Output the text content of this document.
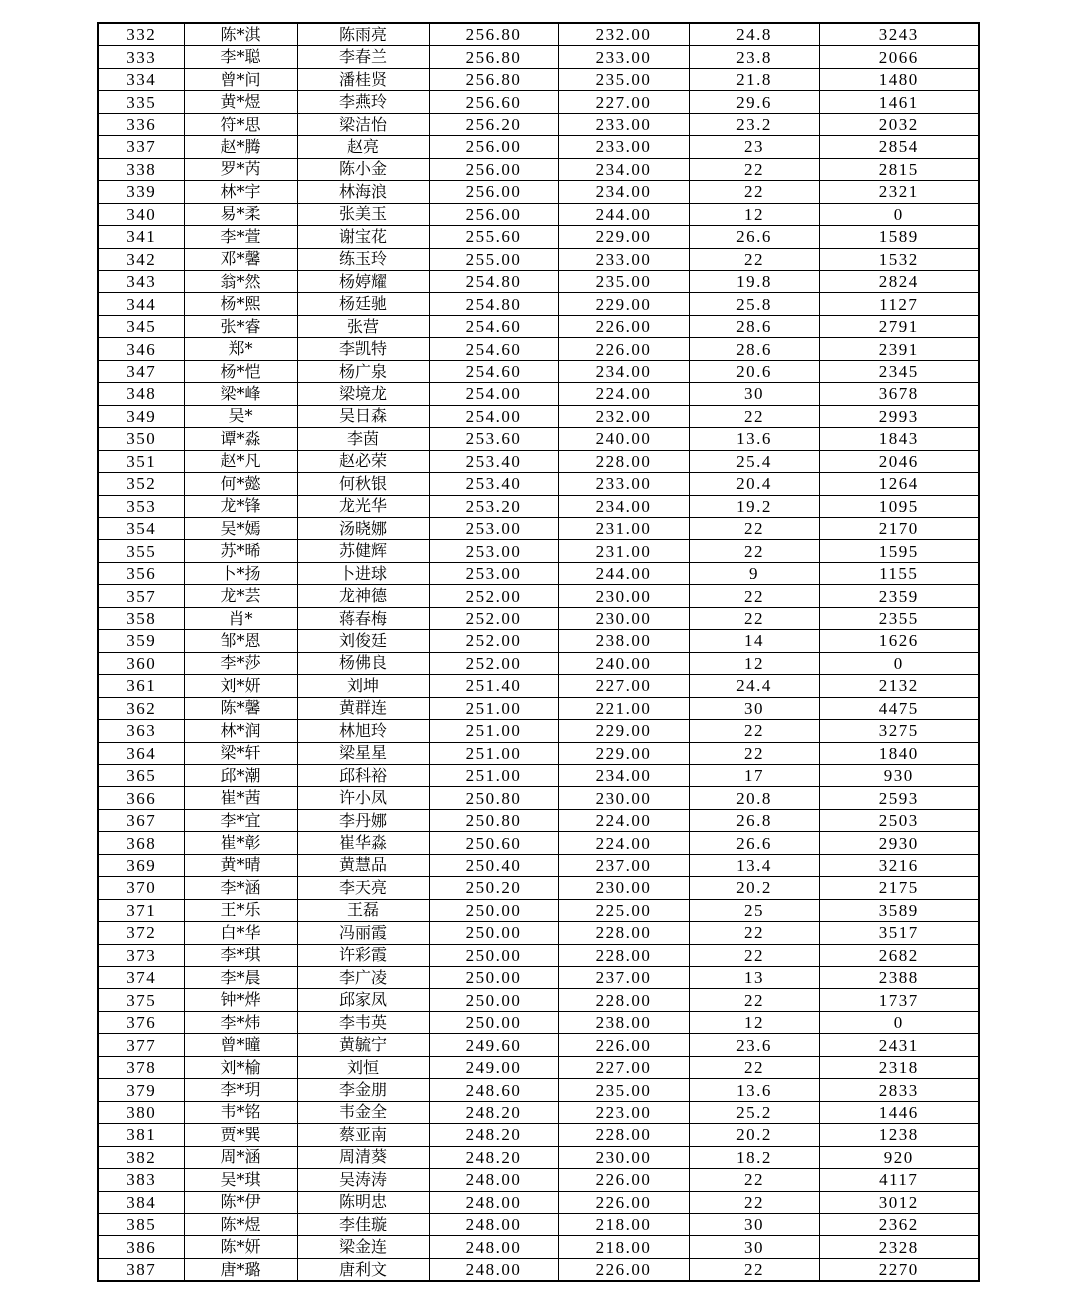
332	陈*淇	陈雨亮	256.80	232.00	24.8	3243
333	李*聪	李春兰	256.80	233.00	23.8	2066
334	曾*问	潘桂贤	256.80	235.00	21.8	1480
335	黄*煜	李燕玲	256.60	227.00	29.6	1461
336	符*思	梁洁怡	256.20	233.00	23.2	2032
337	赵*腾	赵亮	256.00	233.00	23	2854
338	罗*芮	陈小金	256.00	234.00	22	2815
339	林*宇	林海浪	256.00	234.00	22	2321
340	易*柔	张美玉	256.00	244.00	12	0
341	李*萱	谢宝花	255.60	229.00	26.6	1589
342	邓*馨	练玉玲	255.00	233.00	22	1532
343	翁*然	杨婷耀	254.80	235.00	19.8	2824
344	杨*熙	杨廷驰	254.80	229.00	25.8	1127
345	张*睿	张营	254.60	226.00	28.6	2791
346	郑*	李凯特	254.60	226.00	28.6	2391
347	杨*恺	杨广泉	254.60	234.00	20.6	2345
348	梁*峰	梁境龙	254.00	224.00	30	3678
349	吴*	吴日森	254.00	232.00	22	2993
350	谭*淼	李茵	253.60	240.00	13.6	1843
351	赵*凡	赵必荣	253.40	228.00	25.4	2046
352	何*懿	何秋银	253.40	233.00	20.4	1264
353	龙*锋	龙光华	253.20	234.00	19.2	1095
354	吴*嫣	汤晓娜	253.00	231.00	22	2170
355	苏*晞	苏健辉	253.00	231.00	22	1595
356	卜*扬	卜进球	253.00	244.00	9	1155
357	龙*芸	龙神德	252.00	230.00	22	2359
358	肖*	蒋春梅	252.00	230.00	22	2355
359	邹*恩	刘俊廷	252.00	238.00	14	1626
360	李*莎	杨佛良	252.00	240.00	12	0
361	刘*妍	刘坤	251.40	227.00	24.4	2132
362	陈*馨	黄群连	251.00	221.00	30	4475
363	林*润	林旭玲	251.00	229.00	22	3275
364	梁*轩	梁星星	251.00	229.00	22	1840
365	邱*潮	邱科裕	251.00	234.00	17	930
366	崔*茜	许小凤	250.80	230.00	20.8	2593
367	李*宜	李丹娜	250.80	224.00	26.8	2503
368	崔*彰	崔华淼	250.60	224.00	26.6	2930
369	黄*晴	黄慧品	250.40	237.00	13.4	3216
370	李*涵	李天亮	250.20	230.00	20.2	2175
371	王*乐	王磊	250.00	225.00	25	3589
372	白*华	冯丽霞	250.00	228.00	22	3517
373	李*琪	许彩霞	250.00	228.00	22	2682
374	李*晨	李广凌	250.00	237.00	13	2388
375	钟*烨	邱家凤	250.00	228.00	22	1737
376	李*炜	李韦英	250.00	238.00	12	0
377	曾*曈	黄毓宁	249.60	226.00	23.6	2431
378	刘*榆	刘恒	249.00	227.00	22	2318
379	李*玥	李金朋	248.60	235.00	13.6	2833
380	韦*铭	韦金全	248.20	223.00	25.2	1446
381	贾*巽	蔡亚南	248.20	228.00	20.2	1238
382	周*涵	周清葵	248.20	230.00	18.2	920
383	吴*琪	吴涛涛	248.00	226.00	22	4117
384	陈*伊	陈明忠	248.00	226.00	22	3012
385	陈*煜	李佳璇	248.00	218.00	30	2362
386	陈*妍	梁金连	248.00	218.00	30	2328
387	唐*璐	唐利文	248.00	226.00	22	2270
